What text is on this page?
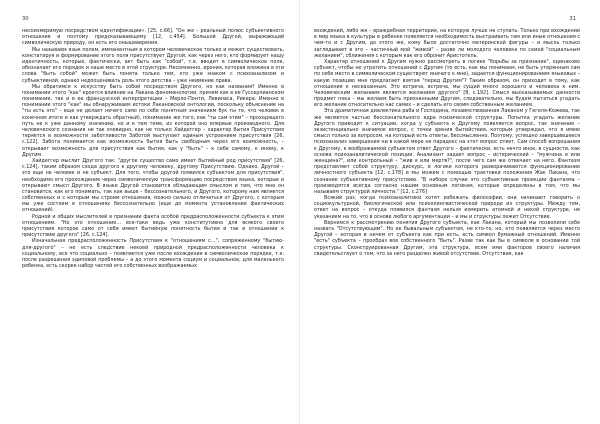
30

несоизмеримую посредством идентификации». [25, с.66]. "Он же – реальный полюс субъективного отношения и поэтому предсказывающему [12, с.454]. Большой Другой, выражающий символическую природу, он есть его онышеверения.

Мы называем язык полем, имманентным в котором человеческое только и может существовать, констатируя и формирование этого поля присутствует Другой, как через него, кто формирует нашу идентичность, которые, фактически, акт быть как "собой", т.е. вводит в символическое поле, обозначает его порядок и наше место в этой структуре. Несомненно, ирония, которая вложена в эти слова "быть собой" может быть понята только тем, кто уже знаком с психоанализом и субъективной, однако недооценивать роль этого детства – уже неимение права.

Мы обратимся к искусству быть собой посредством Другого, но как названия? Именно в понимании этого "как" кроется влияние на Лакана феноменологии, причем как в ее Гуссерлианском понимании, так и в ее французской интерпретации – Мерло-Понти, Левинаса, Рикера. Именно в понимании этого "как" мы обнаруживаем истоки Лакановской онтологии, поскольку объяснение на "ты есть это" – еще не делает нечего само по себе понятным значением бук ты те, что человек в конечном итоге и как утверждать обратный), понимание же того, как "ты сам этим" – проходящего путь не к уже данному значению, но и к тем теме, из которой оно впервые производного. Для человеческого сознания не так очевидно, как не только Хайдеггер – характер бытия Присутствия теряется в возможности заботливости Заботой выступает единым устроением присутствия [26, с.122]. Забота понимается как возможность бытия быть свободным через его возможность, – открывает возможность для присутствия как бытия, как у "быть" – к себе самому, к иному, к Другим.

Хайдеггер мыслит Другого так: "другое существо само имеет бытийный род присутствия" [26, с.124], таким образом схода другого к другому человеку, другому Присутствию. Однако, Другой – это еще не человек и не субъект. Для того, чтобы другой появился субъектом для присутствия", необходимо его прохождение через символическую трансформацию посредством языка, которые и открывают смысл Другого. В языке Другой становится обладающим смыслом и тем, что мне он становится, как его понимать, так как выше – бессознательного, и Другого, которому нам является собственных и с которым мы строим отношения, можно сильно отличаться от Другого, с которым мы уже состоим в отношениях бессознательно (еще до момента установления фактических отношений).

Родной и общих мыслителей в признании факта особой предрасположенности субъекта к этим отношениям. "Но это отношение… все-таки ведь уже конститутивно для всякого своего присутствия которое само от себя имеет бытийную понятность бытия и так в отношении к присутствию другого" [26, с.124].

Изначальная предрасположенность Присутствия к "отношениям с…", сопряженному "бытию-для-другого" – не есть следствие некоей природной предрасположенности человека к социальному, все что социально – появляется уже после вхождения в символическое порядке, т.е. после разрешения эдиповой проблемы – а до этого момента социум и социальное, для маленького ребенка, есть скорее набор частей его собственных воображаемых

31

вхождений, либо же – враждебная территория, на которую лучше не ступать. Только при вхождении в мир языка в культуры в ребенке появляется необходимость выстраивать там или иные отношения с чем-то и с Другим, до этого же, кому было достаточно материнской фигуры – и мысль только заглядывает в это – частичный мой "живой" – разве ли молодого человека по самой "социальным желанием", сближения с которым как его обронит Аристотель.

Характер отношений к Другим нужно рассмотреть в логике "борьбы за признание", одинаково субъект, чтобы не утратить отношений с Другим (то есть, как мы понимаем, не быть утерянным сам по себе место в символическом существуют иначего к мне), задается функционированием языковых – какую позицию мне предлагает взятая "перед Другим"? Таким образом, он приходит в тому, как отношения к несказанным. Это встреча, встреча, мы сущий много хорошего и человека к ним. Человеческим желанием является желанием другого" [8, с.192]. Смысл высказываемых данности предмет пока – мы желаем быть признанными Другим, следовательно, мы будем пытаться угадать его желание относительно нас самих – и сделать его своим собственным желанием.

Эта драматичная диалектика раба и Господина, позаимствованная Лаканом у Гегеля-Кожева, так же является частью бессознательного ядра психической структуры. Попытка угадать желание Другого приводит к ситуации, когда у субъекта к Другому появляется вопрос, так значение – экзистенциально значимое вопрос, с точки зрения бытийствия, которым утверждал, что я имею смысл только за вопросом, на который есть ответы, бессмысленно. Поэтому, успешно завершившееся психоанализ завершения ни в какой мере не парадокс на этот вопрос ответ. Сам способ вопрошания к Другому, к воображаемой субъектом ответ Другого – фактически, есть нечто иное, в сущности, как основа психоаналитической позиции. Анализант задает вопрос – истерический – "мужчина я или женщина?", или контрольный – "жив я или мертв?", после чего сам же отвечает на него. Фантазм представляет собой структуру, дискурс, в логике которого разворачиваются функционирование личностного субъекта [12, с.178] и мы можем с помощью трактовки положения Жак Лакана, что сознание субъективному присутствию. "В наборе случае это субъективные проекции фантазма – производятся всегда согласно нашим основным логикам, которые определены в том, что мы называем структурой личности." [12, с.276]

Всякий раз, когда психоаналитики хотят избежать философии, они начинают говорить о социокультурной, биологической или психолингвистической природе их структуры. Между тем, ответ на вопрос – откуда появился фантазм нельзя измерить атомной и некой структуре, не указанием на то, что в основе любого аргументации – и мы и структуры лежит Отсутствие.

Вернемся к рассмотрению понятия Другого субъекта, как Лакана, который мы позволили себе назвать "Отсутствующим". Но ее бывальным субъектом, не кто-то, но, кто появляется через место Другой – которая в ничем от субъекта как при есть, есть символ бумажный отношений. Именно "есть" субъекта – прообраз вое собственного "быть". Разве так как бы в символе в основании той структуры. Сконструированная Другим, эта структура, всем ими факторов своего наличия свидетельствует о том, что за него разделен живой отсутствие. Отсутствие, как
